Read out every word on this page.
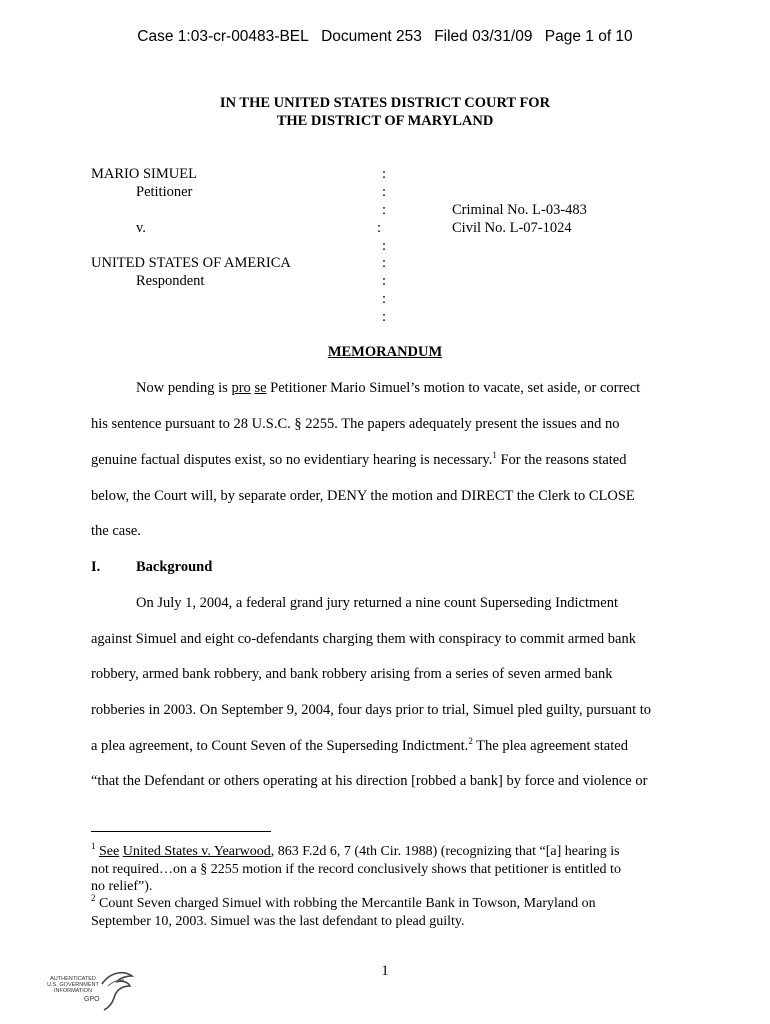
Case 1:03-cr-00483-BEL Document 253 Filed 03/31/09 Page 1 of 10
IN THE UNITED STATES DISTRICT COURT FOR
THE DISTRICT OF MARYLAND
MARIO SIMUEL
Petitioner
v.
UNITED STATES OF AMERICA
Respondent
:
:
:
:
:
:
:
:
:
Criminal No. L-03-483
Civil No. L-07-1024
MEMORANDUM
Now pending is pro se Petitioner Mario Simuel’s motion to vacate, set aside, or correct
his sentence pursuant to 28 U.S.C. § 2255. The papers adequately present the issues and no
genuine factual disputes exist, so no evidentiary hearing is necessary.$^1$ For the reasons stated
below, the Court will, by separate order, DENY the motion and DIRECT the Clerk to CLOSE
the case.
I. Background
On July 1, 2004, a federal grand jury returned a nine count Superseding Indictment
against Simuel and eight co-defendants charging them with conspiracy to commit armed bank
robbery, armed bank robbery, and bank robbery arising from a series of seven armed bank
robberies in 2003. On September 9, 2004, four days prior to trial, Simuel pled guilty, pursuant to
a plea agreement, to Count Seven of the Superseding Indictment.$^2$ The plea agreement stated
“that the Defendant or others operating at his direction [robbed a bank] by force and violence or
$^1$ See United States v. Yearwood, 863 F.2d 6, 7 (4th Cir. 1988) (recognizing that “[a] hearing is
not required…on a § 2255 motion if the record conclusively shows that petitioner is entitled to
no relief”).
$^2$ Count Seven charged Simuel with robbing the Mercantile Bank in Towson, Maryland on
September 10, 2003. Simuel was the last defendant to plead guilty.
1
AUTHENTICATED
U.S. GOVERNMENT
INFORMATION
GPO
